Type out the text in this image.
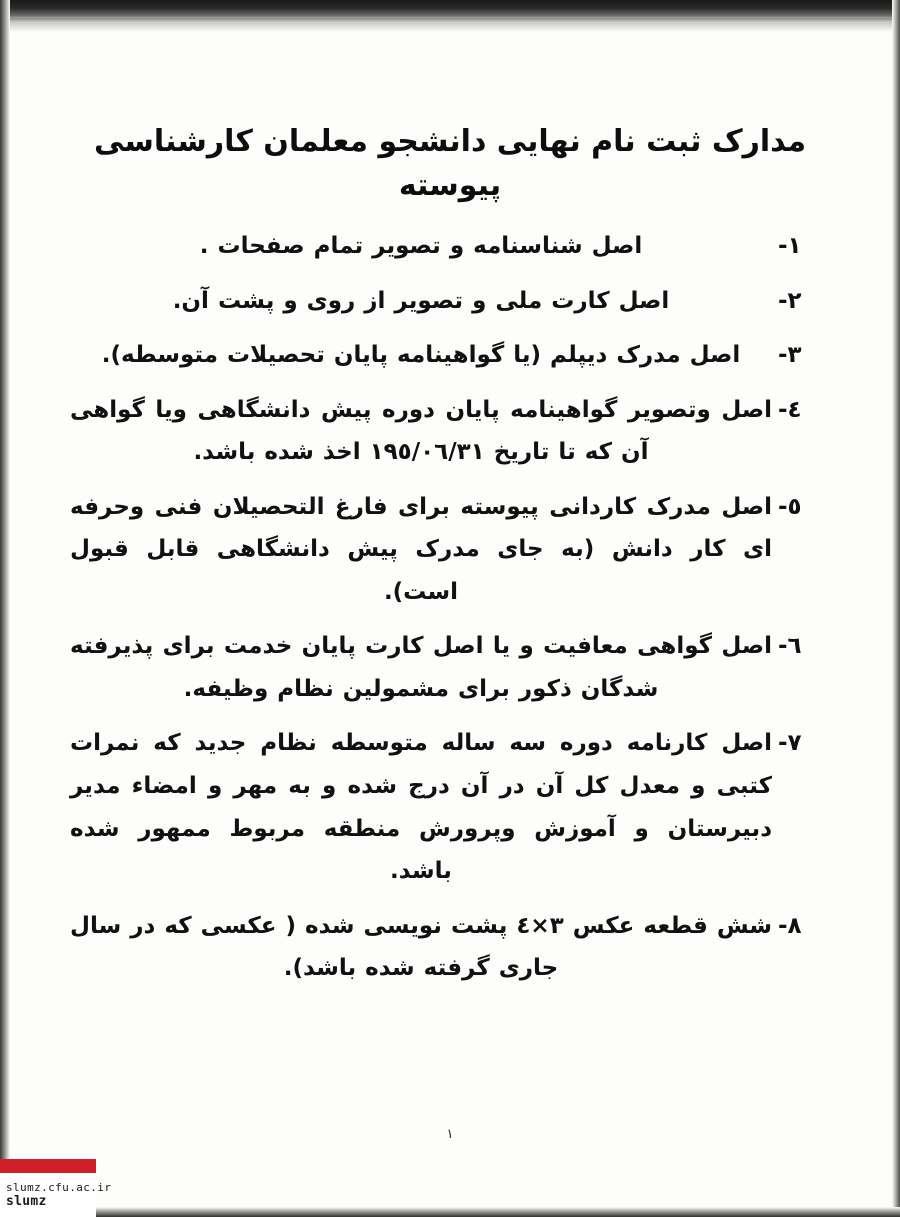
مدارک ثبت نام نهایی دانشجو معلمان کارشناسی پیوسته
١-
اصل شناسنامه و تصویر تمام صفحات .
٢-
اصل کارت ملی و تصویر از روی و پشت آن.
٣-
اصل مدرک دیپلم (یا گواهینامه پایان تحصیلات متوسطه).
٤-
اصل وتصویر گواهینامه پایان دوره پیش دانشگاهی ویا گواهی آن که تا تاریخ ١٩٥/٠٦/٣١ اخذ شده باشد.
٥-
اصل مدرک کاردانی پیوسته برای فارغ التحصیلان فنی وحرفه ای کار دانش (به جای مدرک پیش دانشگاهی قابل قبول است).
٦-
اصل گواهی معافیت و یا اصل کارت پایان خدمت برای پذیرفته شدگان ذکور برای مشمولین نظام وظیفه.
٧-
اصل کارنامه دوره سه ساله متوسطه نظام جدید که نمرات کتبی و معدل کل آن در آن درج شده و به مهر و امضاء مدیر دبیرستان و آموزش وپرورش منطقه مربوط ممهور شده باشد.
٨-
شش قطعه عکس ٣×٤ پشت نویسی شده ( عکسی که در سال جاری گرفته شده باشد).
١
slumz.cfu.ac.ir
slumz
